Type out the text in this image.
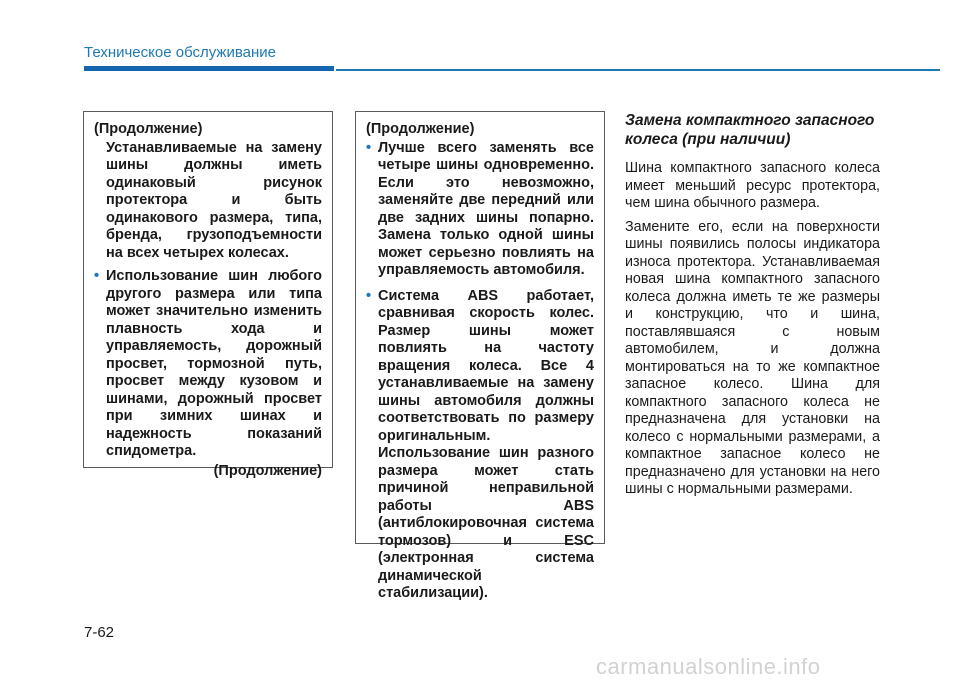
Техническое обслуживание
(Продолжение)
Устанавливаемые на замену шины должны иметь одинаковый рисунок протектора и быть одинакового размера, типа, бренда, грузоподъемности на всех четырех колесах.
• Использование шин любого другого размера или типа может значительно изменить плавность хода и управляемость, дорожный просвет, тормозной путь, просвет между кузовом и шинами, дорожный просвет при зимних шинах и надежность показаний спидометра.
(Продолжение)
(Продолжение)
• Лучше всего заменять все четыре шины одновременно. Если это невозможно, заменяйте две передний или две задних шины попарно. Замена только одной шины может серьезно повлиять на управляемость автомобиля.
• Система ABS работает, сравнивая скорость колес. Размер шины может повлиять на частоту вращения колеса. Все 4 устанавливаемые на замену шины автомобиля должны соответствовать по размеру оригинальным. Использование шин разного размера может стать причиной неправильной работы ABS (антиблокировочная система тормозов) и ESC (электронная система динамической стабилизации).
Замена компактного запасного колеса (при наличии)

Шина компактного запасного колеса имеет меньший ресурс протектора, чем шина обычного размера.

Замените его, если на поверхности шины появились полосы индикатора износа протектора. Устанавливаемая новая шина компактного запасного колеса должна иметь те же размеры и конструкцию, что и шина, поставлявшаяся с новым автомобилем, и должна монтироваться на то же компактное запасное колесо. Шина для компактного запасного колеса не предназначена для установки на колесо с нормальными размерами, а компактное запасное колесо не предназначено для установки на него шины с нормальными размерами.

7-62
carmanualsonline.info
